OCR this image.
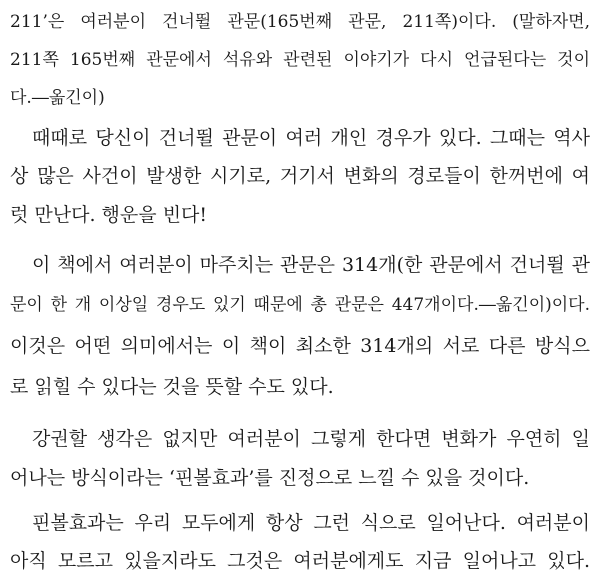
211’은 여러분이 건너뛸 관문(165번째 관문, 211쪽)이다. (말하자면,
211쪽 165번째 관문에서 석유와 관련된 이야기가 다시 언급된다는 것이
다.―옮긴이)
때때로 당신이 건너뛸 관문이 여러 개인 경우가 있다. 그때는 역사
상 많은 사건이 발생한 시기로, 거기서 변화의 경로들이 한꺼번에 여
럿 만난다. 행운을 빈다!
이 책에서 여러분이 마주치는 관문은 314개(한 관문에서 건너뛸 관
문이 한 개 이상일 경우도 있기 때문에 총 관문은 447개이다.―옮긴이)이다.
이것은 어떤 의미에서는 이 책이 최소한 314개의 서로 다른 방식으
로 읽힐 수 있다는 것을 뜻할 수도 있다.
강권할 생각은 없지만 여러분이 그렇게 한다면 변화가 우연히 일
어나는 방식이라는 ‘핀볼효과’를 진정으로 느낄 수 있을 것이다.
핀볼효과는 우리 모두에게 항상 그런 식으로 일어난다. 여러분이
아직 모르고 있을지라도 그것은 여러분에게도 지금 일어나고 있다.
